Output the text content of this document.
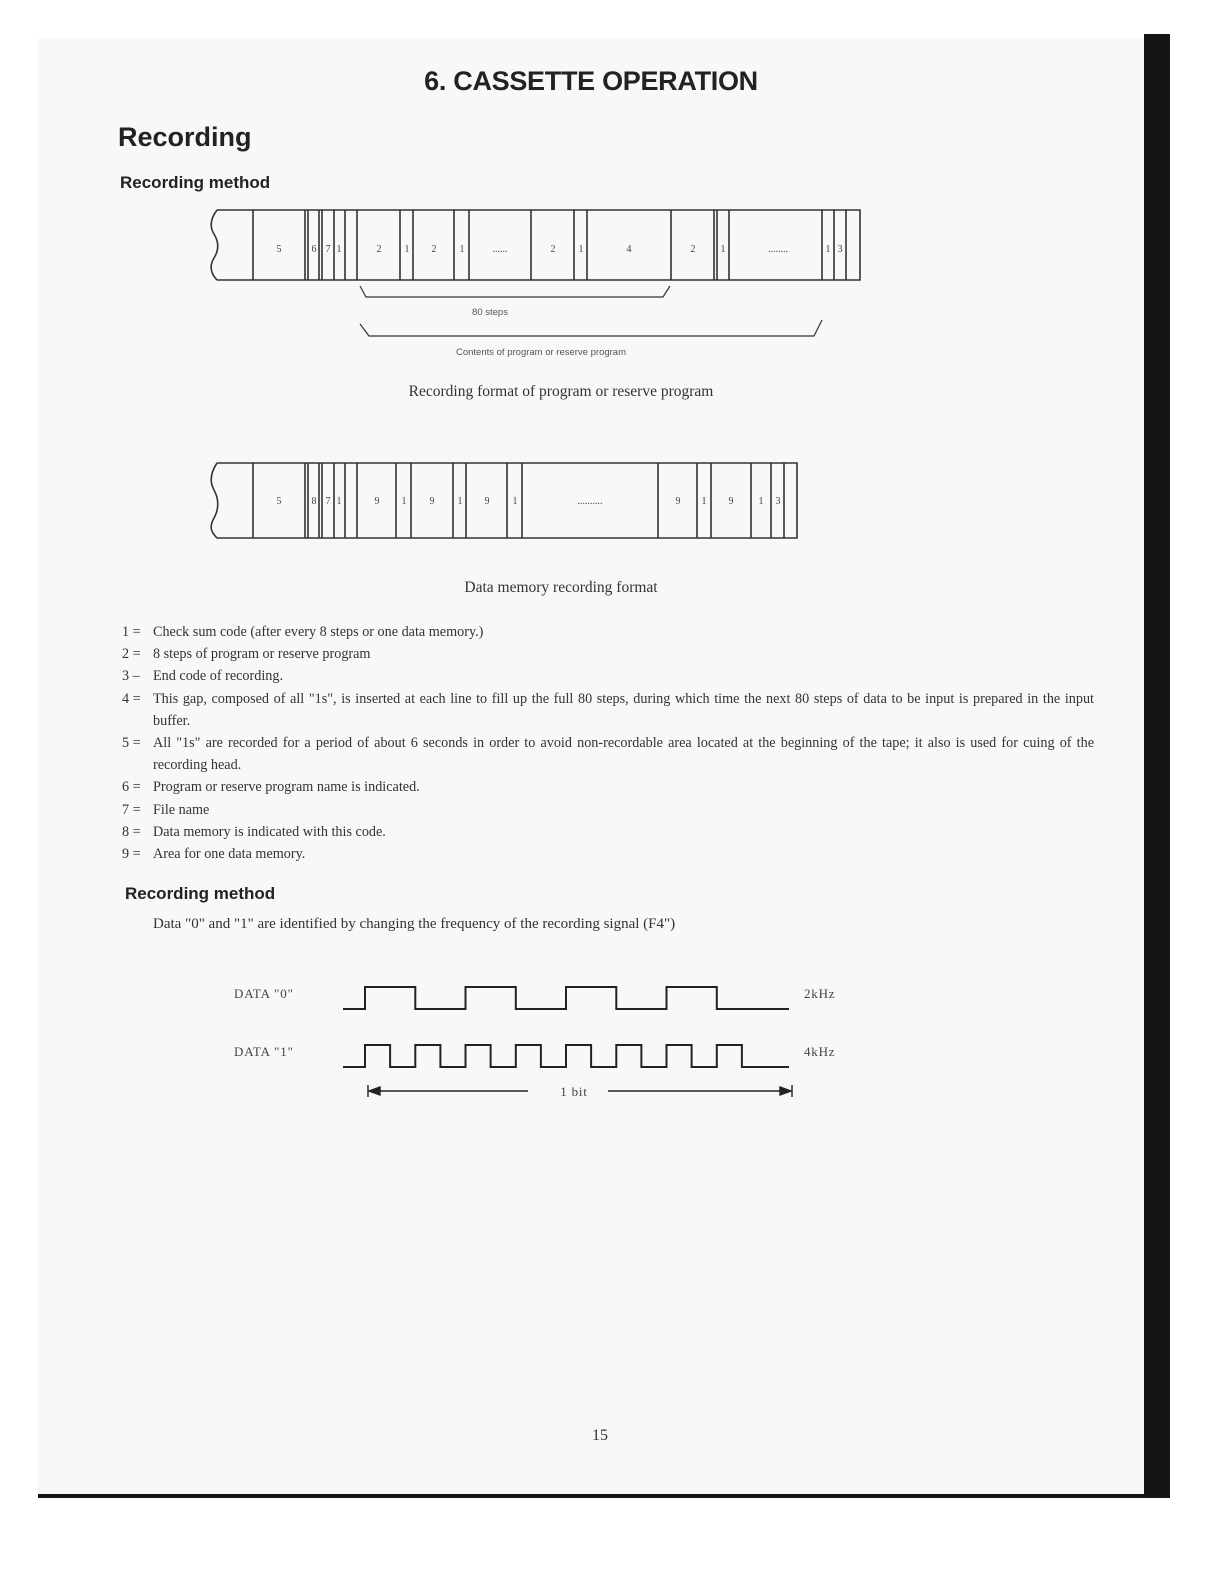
6. CASSETTE OPERATION
Recording
Recording method
5	6 7 1	2 1 2 1	......	2 1	4	2	1	........	1 3
80 steps
Contents of program or reserve program
Recording format of program or reserve program
5	8 7 1	9 1 9 1 9 1	..........	9 1 9	1 3
Data memory recording format
1 = Check sum code (after every 8 steps or one data memory.)
2 = 8 steps of program or reserve program
3 – End code of recording.
4 = This gap, composed of all "1s", is inserted at each line to fill up the full 80 steps, during which time the next 80 steps of data to be input is prepared in the input buffer.
5 = All "1s" are recorded for a period of about 6 seconds in order to avoid non-recordable area located at the beginning of the tape; it also is used for cuing of the recording head.
6 = Program or reserve program name is indicated.
7 = File name
8 = Data memory is indicated with this code.
9 = Area for one data memory.
Recording method
Data "0" and "1" are identified by changing the frequency of the recording signal (F4")
DATA "0"	2kHz
DATA "1"	4kHz
1 bit
15
